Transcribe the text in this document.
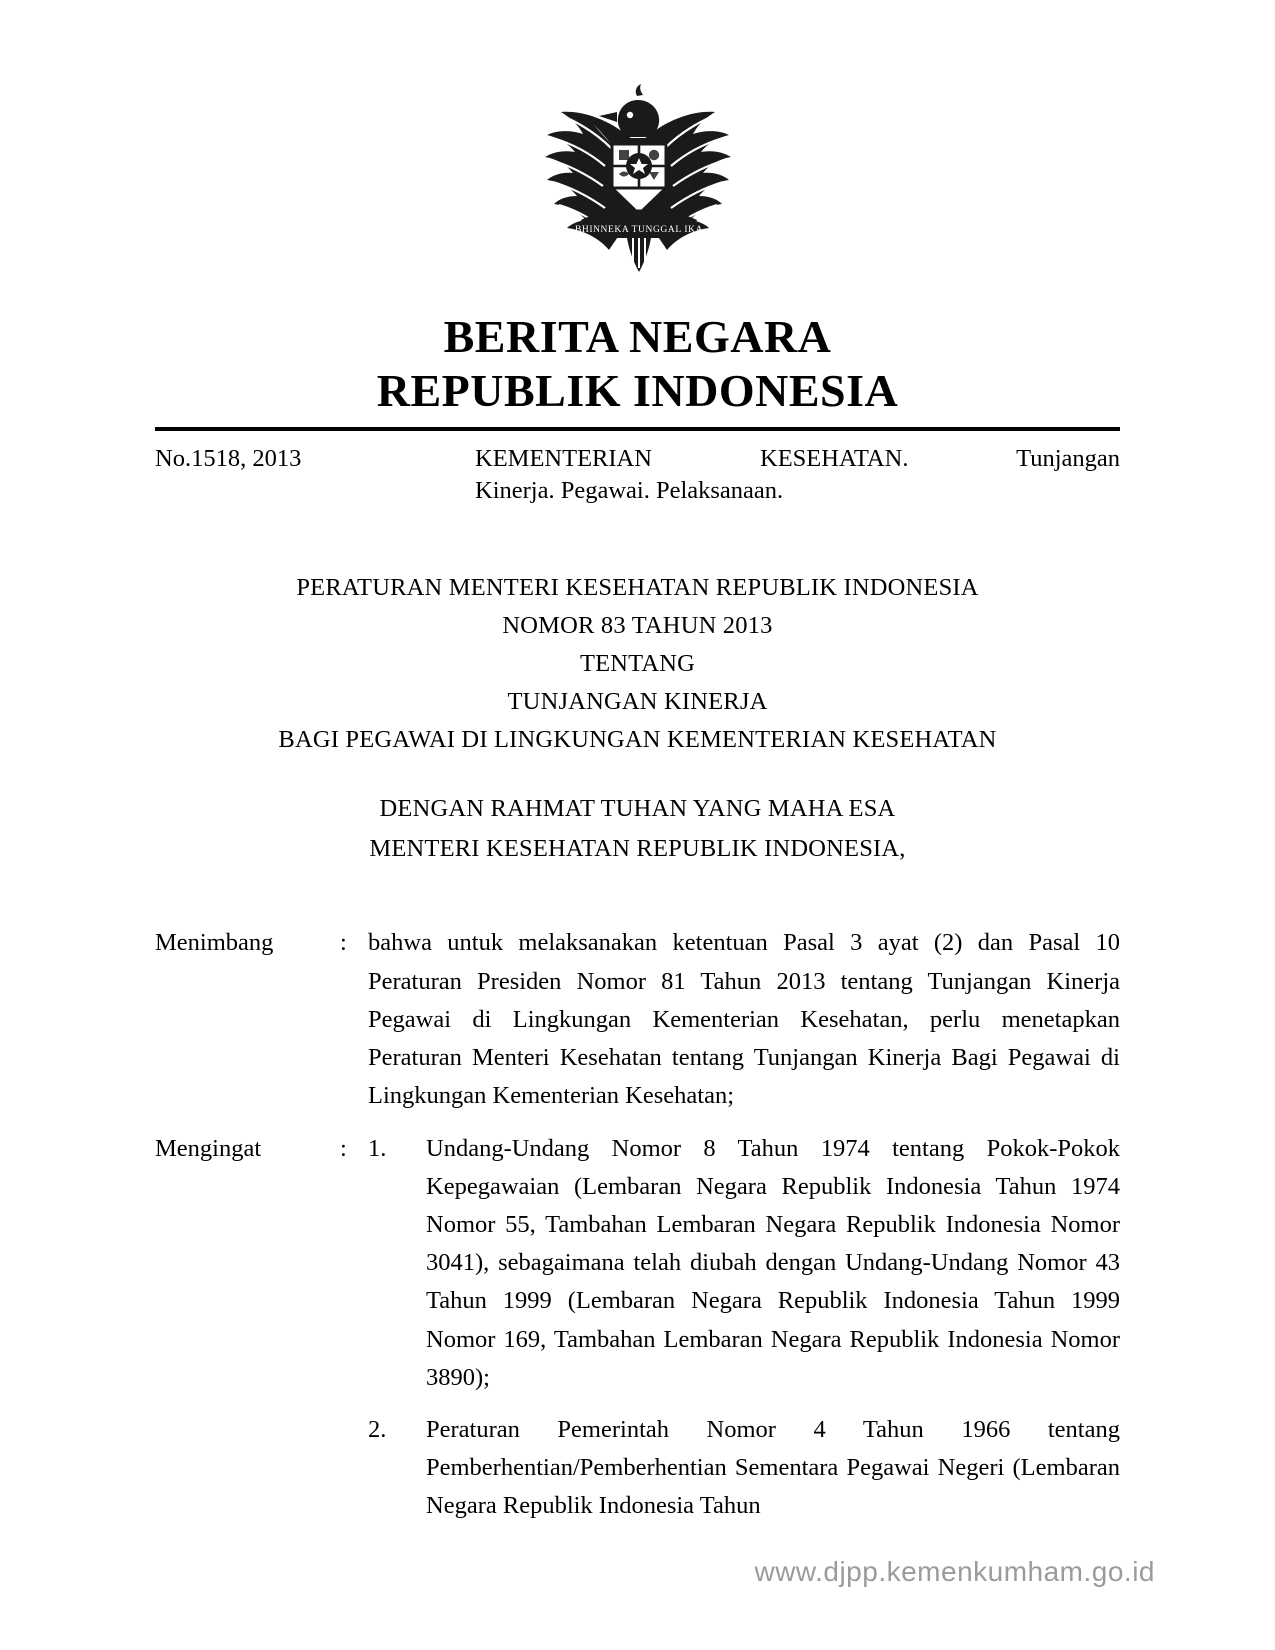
BHINNEKA TUNGGAL IKA
BERITA NEGARA
REPUBLIK INDONESIA
No.1518, 2013	KEMENTERIAN KESEHATAN. Tunjangan
Kinerja. Pegawai. Pelaksanaan.
PERATURAN MENTERI KESEHATAN REPUBLIK INDONESIA
NOMOR 83 TAHUN 2013
TENTANG
TUNJANGAN KINERJA
BAGI PEGAWAI DI LINGKUNGAN KEMENTERIAN KESEHATAN
DENGAN RAHMAT TUHAN YANG MAHA ESA
MENTERI KESEHATAN REPUBLIK INDONESIA,
Menimbang	: bahwa untuk melaksanakan ketentuan Pasal 3 ayat (2) dan Pasal 10 Peraturan Presiden Nomor 81 Tahun 2013 tentang Tunjangan Kinerja Pegawai di Lingkungan Kementerian Kesehatan, perlu menetapkan Peraturan Menteri Kesehatan tentang Tunjangan Kinerja Bagi Pegawai di Lingkungan Kementerian Kesehatan;
Mengingat	: 1.	Undang-Undang Nomor 8 Tahun 1974 tentang Pokok-Pokok Kepegawaian (Lembaran Negara Republik Indonesia Tahun 1974 Nomor 55, Tambahan Lembaran Negara Republik Indonesia Nomor 3041), sebagaimana telah diubah dengan Undang-Undang Nomor 43 Tahun 1999 (Lembaran Negara Republik Indonesia Tahun 1999 Nomor 169, Tambahan Lembaran Negara Republik Indonesia Nomor 3890);
2.	Peraturan Pemerintah Nomor 4 Tahun 1966 tentang Pemberhentian/Pemberhentian Sementara Pegawai Negeri (Lembaran Negara Republik Indonesia Tahun
www.djpp.kemenkumham.go.id
